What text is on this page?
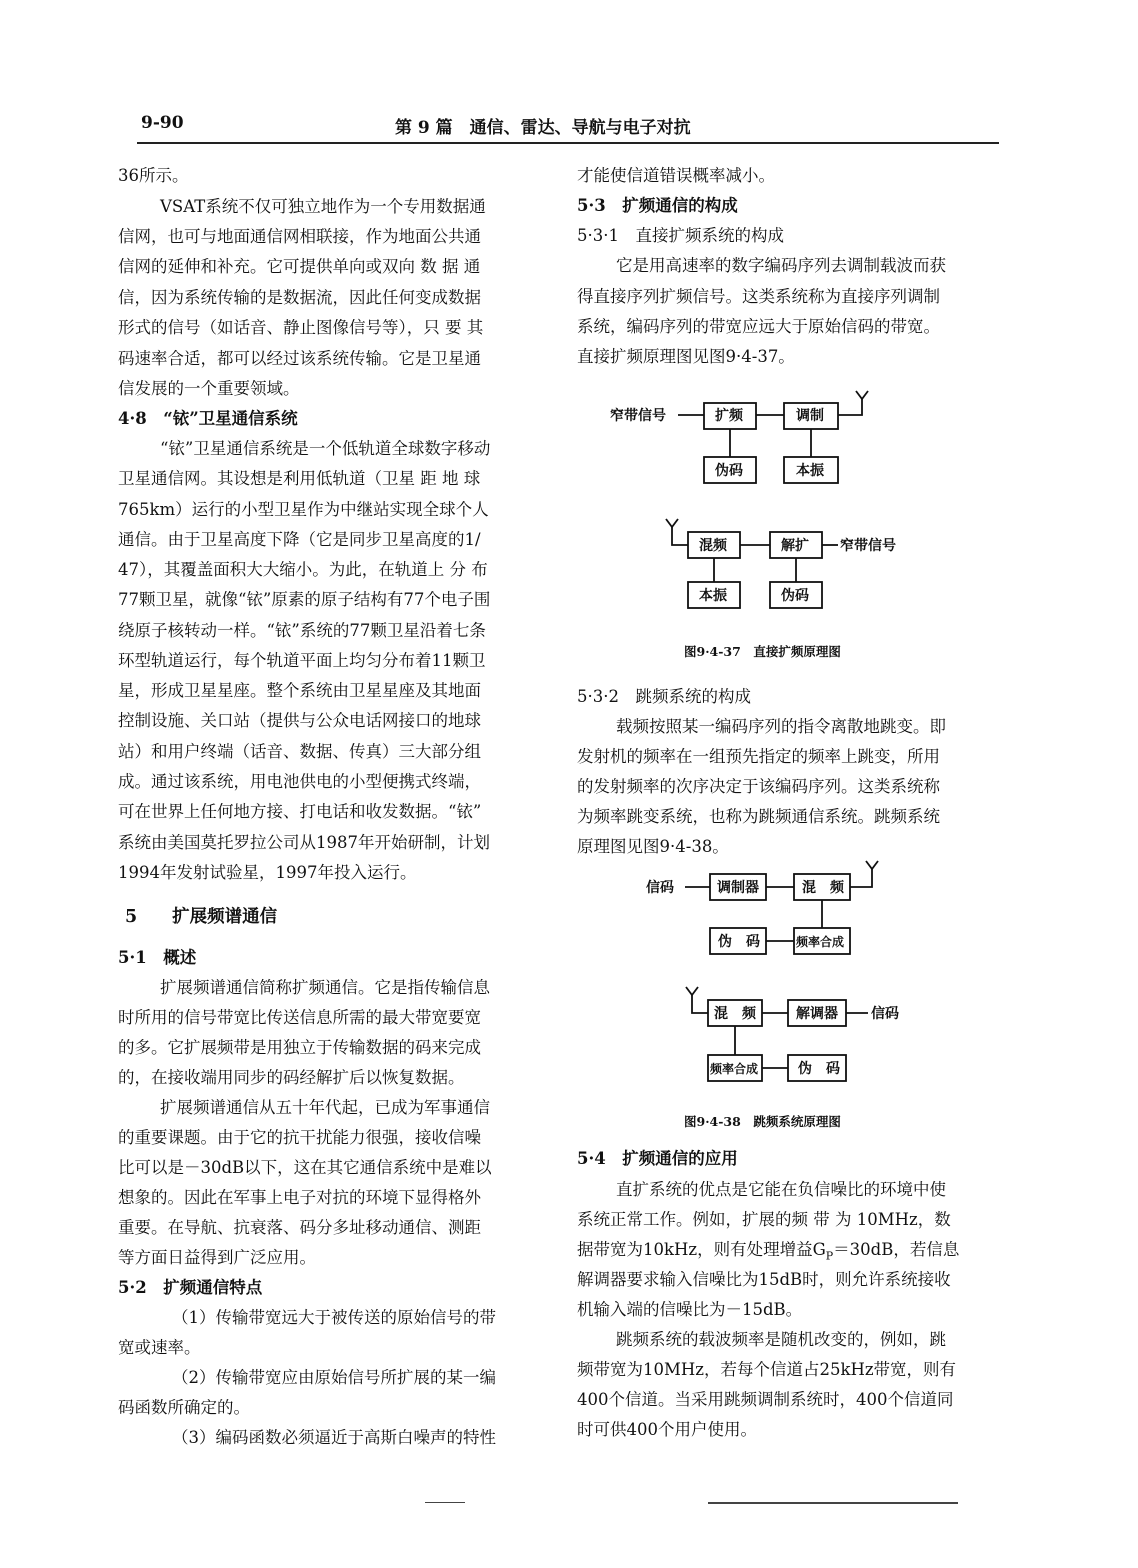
9-90	第 9 篇　通信、雷达、导航与电子对抗
36所示。
VSAT系统不仅可独立地作为一个专用数据通
信网，也可与地面通信网相联接，作为地面公共通
信网的延伸和补充。它可提供单向或双向 数 据 通
信，因为系统传输的是数据流，因此任何变成数据
形式的信号（如话音、静止图像信号等），只 要 其
码速率合适，都可以经过该系统传输。它是卫星通
信发展的一个重要领域。
4·8　“铱”卫星通信系统
“铱”卫星通信系统是一个低轨道全球数字移动
卫星通信网。其设想是利用低轨道（卫星 距 地 球
765km）运行的小型卫星作为中继站实现全球个人
通信。由于卫星高度下降（它是同步卫星高度的1/
47），其覆盖面积大大缩小。为此，在轨道上 分 布
77颗卫星，就像“铱”原素的原子结构有77个电子围
绕原子核转动一样。“铱”系统的77颗卫星沿着七条
环型轨道运行，每个轨道平面上均匀分布着11颗卫
星，形成卫星星座。整个系统由卫星星座及其地面
控制设施、关口站（提供与公众电话网接口的地球
站）和用户终端（话音、数据、传真）三大部分组
成。通过该系统，用电池供电的小型便携式终端，
可在世界上任何地方接、打电话和收发数据。“铱”
系统由美国莫托罗拉公司从1987年开始研制，计划
1994年发射试验星，1997年投入运行。
5　　扩展频谱通信
5·1　概述
扩展频谱通信简称扩频通信。它是指传输信息
时所用的信号带宽比传送信息所需的最大带宽要宽
的多。它扩展频带是用独立于传输数据的码来完成
的，在接收端用同步的码经解扩后以恢复数据。
扩展频谱通信从五十年代起，已成为军事通信
的重要课题。由于它的抗干扰能力很强，接收信噪
比可以是－30dB以下，这在其它通信系统中是难以
想象的。因此在军事上电子对抗的环境下显得格外
重要。在导航、抗衰落、码分多址移动通信、测距
等方面日益得到广泛应用。
5·2　扩频通信特点
（1）传输带宽远大于被传送的原始信号的带
宽或速率。
（2）传输带宽应由原始信号所扩展的某一编
码函数所确定的。
（3）编码函数必须逼近于高斯白噪声的特性
才能使信道错误概率减小。
5·3　扩频通信的构成
5·3·1　直接扩频系统的构成
它是用高速率的数字编码序列去调制载波而获
得直接序列扩频信号。这类系统称为直接序列调制
系统，编码序列的带宽应远大于原始信码的带宽。
直接扩频原理图见图9·4-37。
5·3·2　跳频系统的构成
载频按照某一编码序列的指令离散地跳变。即
发射机的频率在一组预先指定的频率上跳变，所用
的发射频率的次序决定于该编码序列。这类系统称
为频率跳变系统，也称为跳频通信系统。跳频系统
原理图见图9·4-38。
5·4　扩频通信的应用
直扩系统的优点是它能在负信噪比的环境中使
系统正常工作。例如，扩展的频 带 为 10MHz，数
据带宽为10kHz，则有处理增益$G_P=30dB$，若信息
解调器要求输入信噪比为15dB时，则允许系统接收
机输入端的信噪比为－15dB。
跳频系统的载波频率是随机改变的，例如，跳
频带宽为10MHz，若每个信道占25kHz带宽，则有
400个信道。当采用跳频调制系统时，400个信道同
时可供400个用户使用。
窄带信号	扩频	调制
伪码	本振
混频	解扩 窄带信号
本振	伪码
图9·4-37　直接扩频原理图
信码	调制器	混　频
伪　码	频率合成
混　频	解调器 信码
频率合成	伪　码
图9·4-38　跳频系统原理图
